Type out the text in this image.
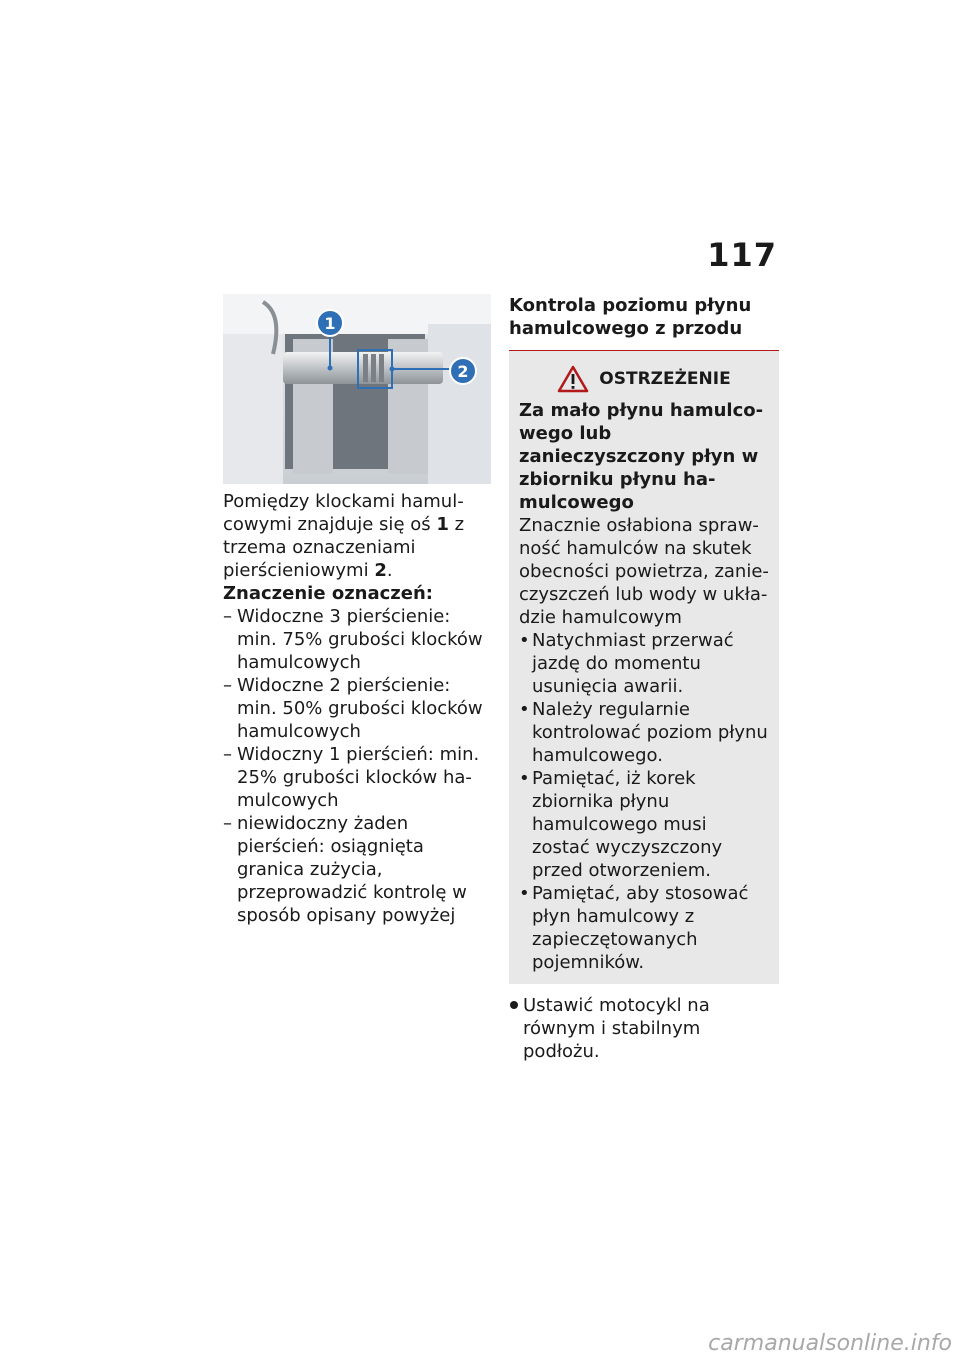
117
1
2
Pomiędzy klockami hamulcowymi znajduje się oś 1 z trzema oznaczeniami pierścieniowymi 2.
Znaczenie oznaczeń:
– Widoczne 3 pierścienie: min. 75% grubości klocków hamulcowych
– Widoczne 2 pierścienie: min. 50% grubości klocków hamulcowych
– Widoczny 1 pierścień: min. 25% grubości klocków hamulcowych
– niewidoczny żaden pierścień: osiągnięta granica zużycia, przeprowadzić kontrolę w sposób opisany powyżej
Kontrola poziomu płynu hamulcowego z przodu
OSTRZEŻENIE
Za mało płynu hamulcowego lub zanieczyszczony płyn w zbiorniku płynu hamulcowego
Znacznie osłabiona sprawność hamulców na skutek obecności powietrza, zanieczyszczeń lub wody w układzie hamulcowym
• Natychmiast przerwać jazdę do momentu usunięcia awarii.
• Należy regularnie kontrolować poziom płynu hamulcowego.
• Pamiętać, iż korek zbiornika płynu hamulcowego musi zostać wyczyszczony przed otworzeniem.
• Pamiętać, aby stosować płyn hamulcowy z zapieczętowanych pojemników.
Ustawić motocykl na równym i stabilnym podłożu.
carmanualsonline.info
